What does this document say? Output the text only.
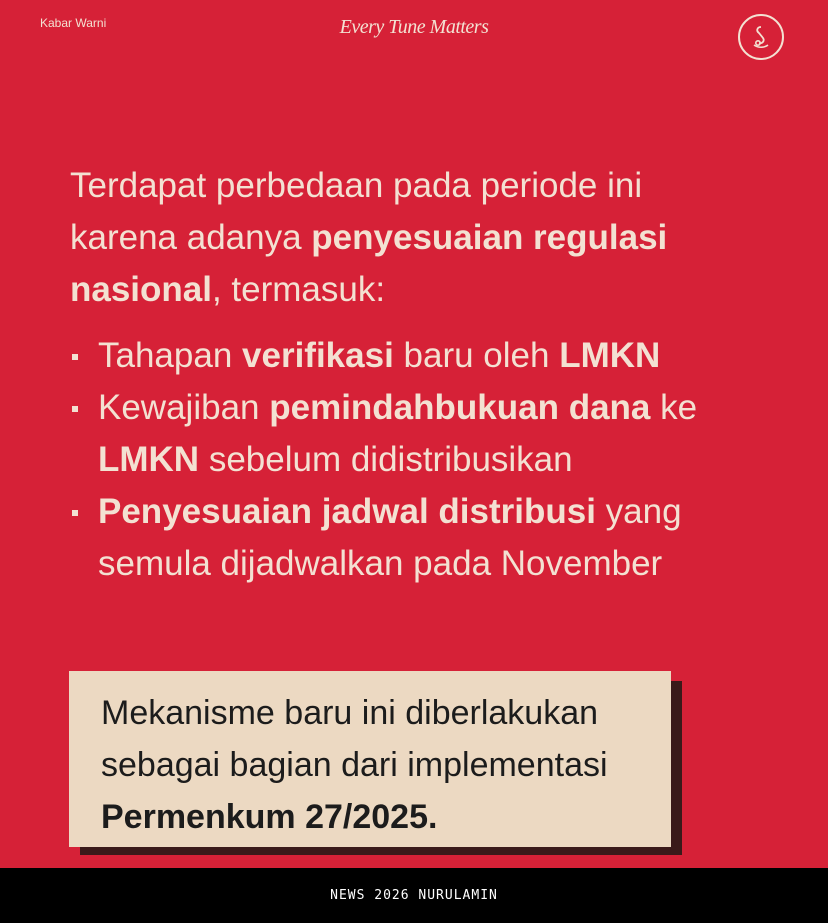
Kabar Warni	Every Tune Matters
Terdapat perbedaan pada periode ini karena adanya penyesuaian regulasi nasional, termasuk:
Tahapan verifikasi baru oleh LMKN
Kewajiban pemindahbukuan dana ke LMKN sebelum didistribusikan
Penyesuaian jadwal distribusi yang semula dijadwalkan pada November
Mekanisme baru ini diberlakukan sebagai bagian dari implementasi Permenkum 27/2025.
NEWS 2026 NURULAMIN
